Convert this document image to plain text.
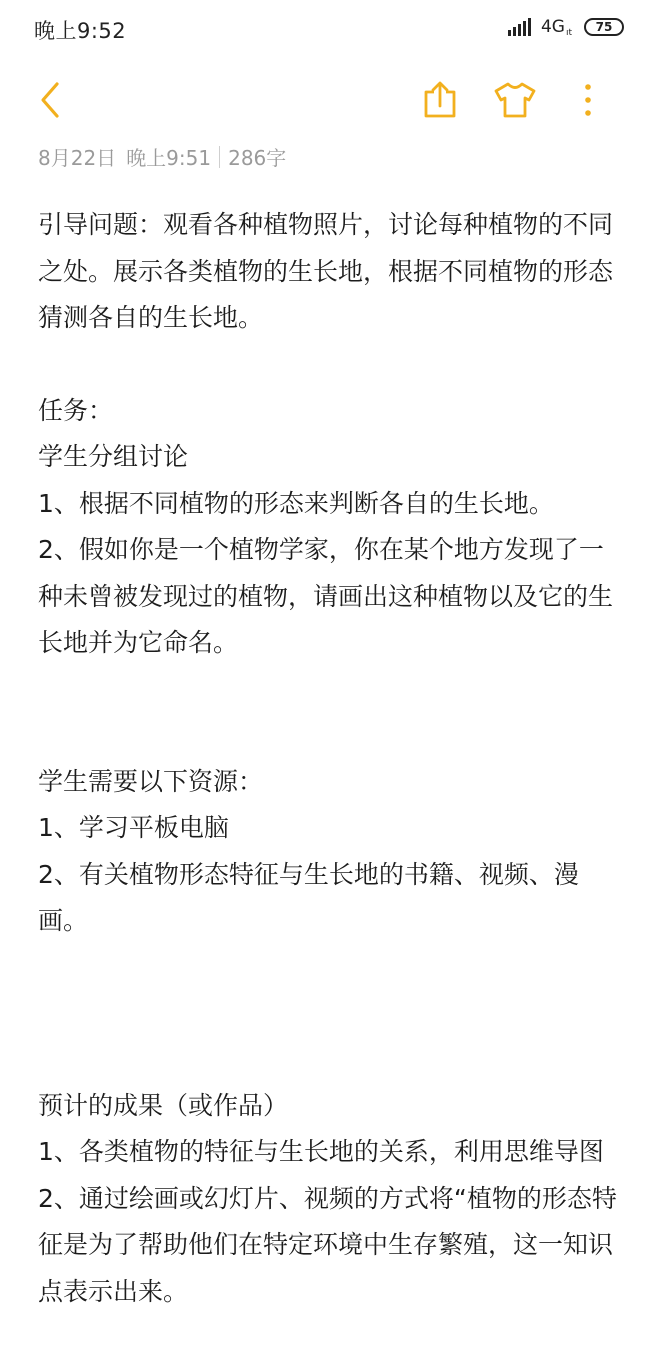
晚上9:52	4Gıt 75
8月22日 晚上9:51 286字

引导问题：观看各种植物照片，讨论每种植物的不同之处。展示各类植物的生长地，根据不同植物的形态猜测各自的生长地。

任务：

学生分组讨论

1、根据不同植物的形态来判断各自的生长地。

2、假如你是一个植物学家，你在某个地方发现了一种未曾被发现过的植物，请画出这种植物以及它的生长地并为它命名。

学生需要以下资源：

1、学习平板电脑

2、有关植物形态特征与生长地的书籍、视频、漫画。

预计的成果（或作品）

1、各类植物的特征与生长地的关系，利用思维导图

2、通过绘画或幻灯片、视频的方式将“植物的形态特征是为了帮助他们在特定环境中生存繁殖，这一知识点表示出来。
